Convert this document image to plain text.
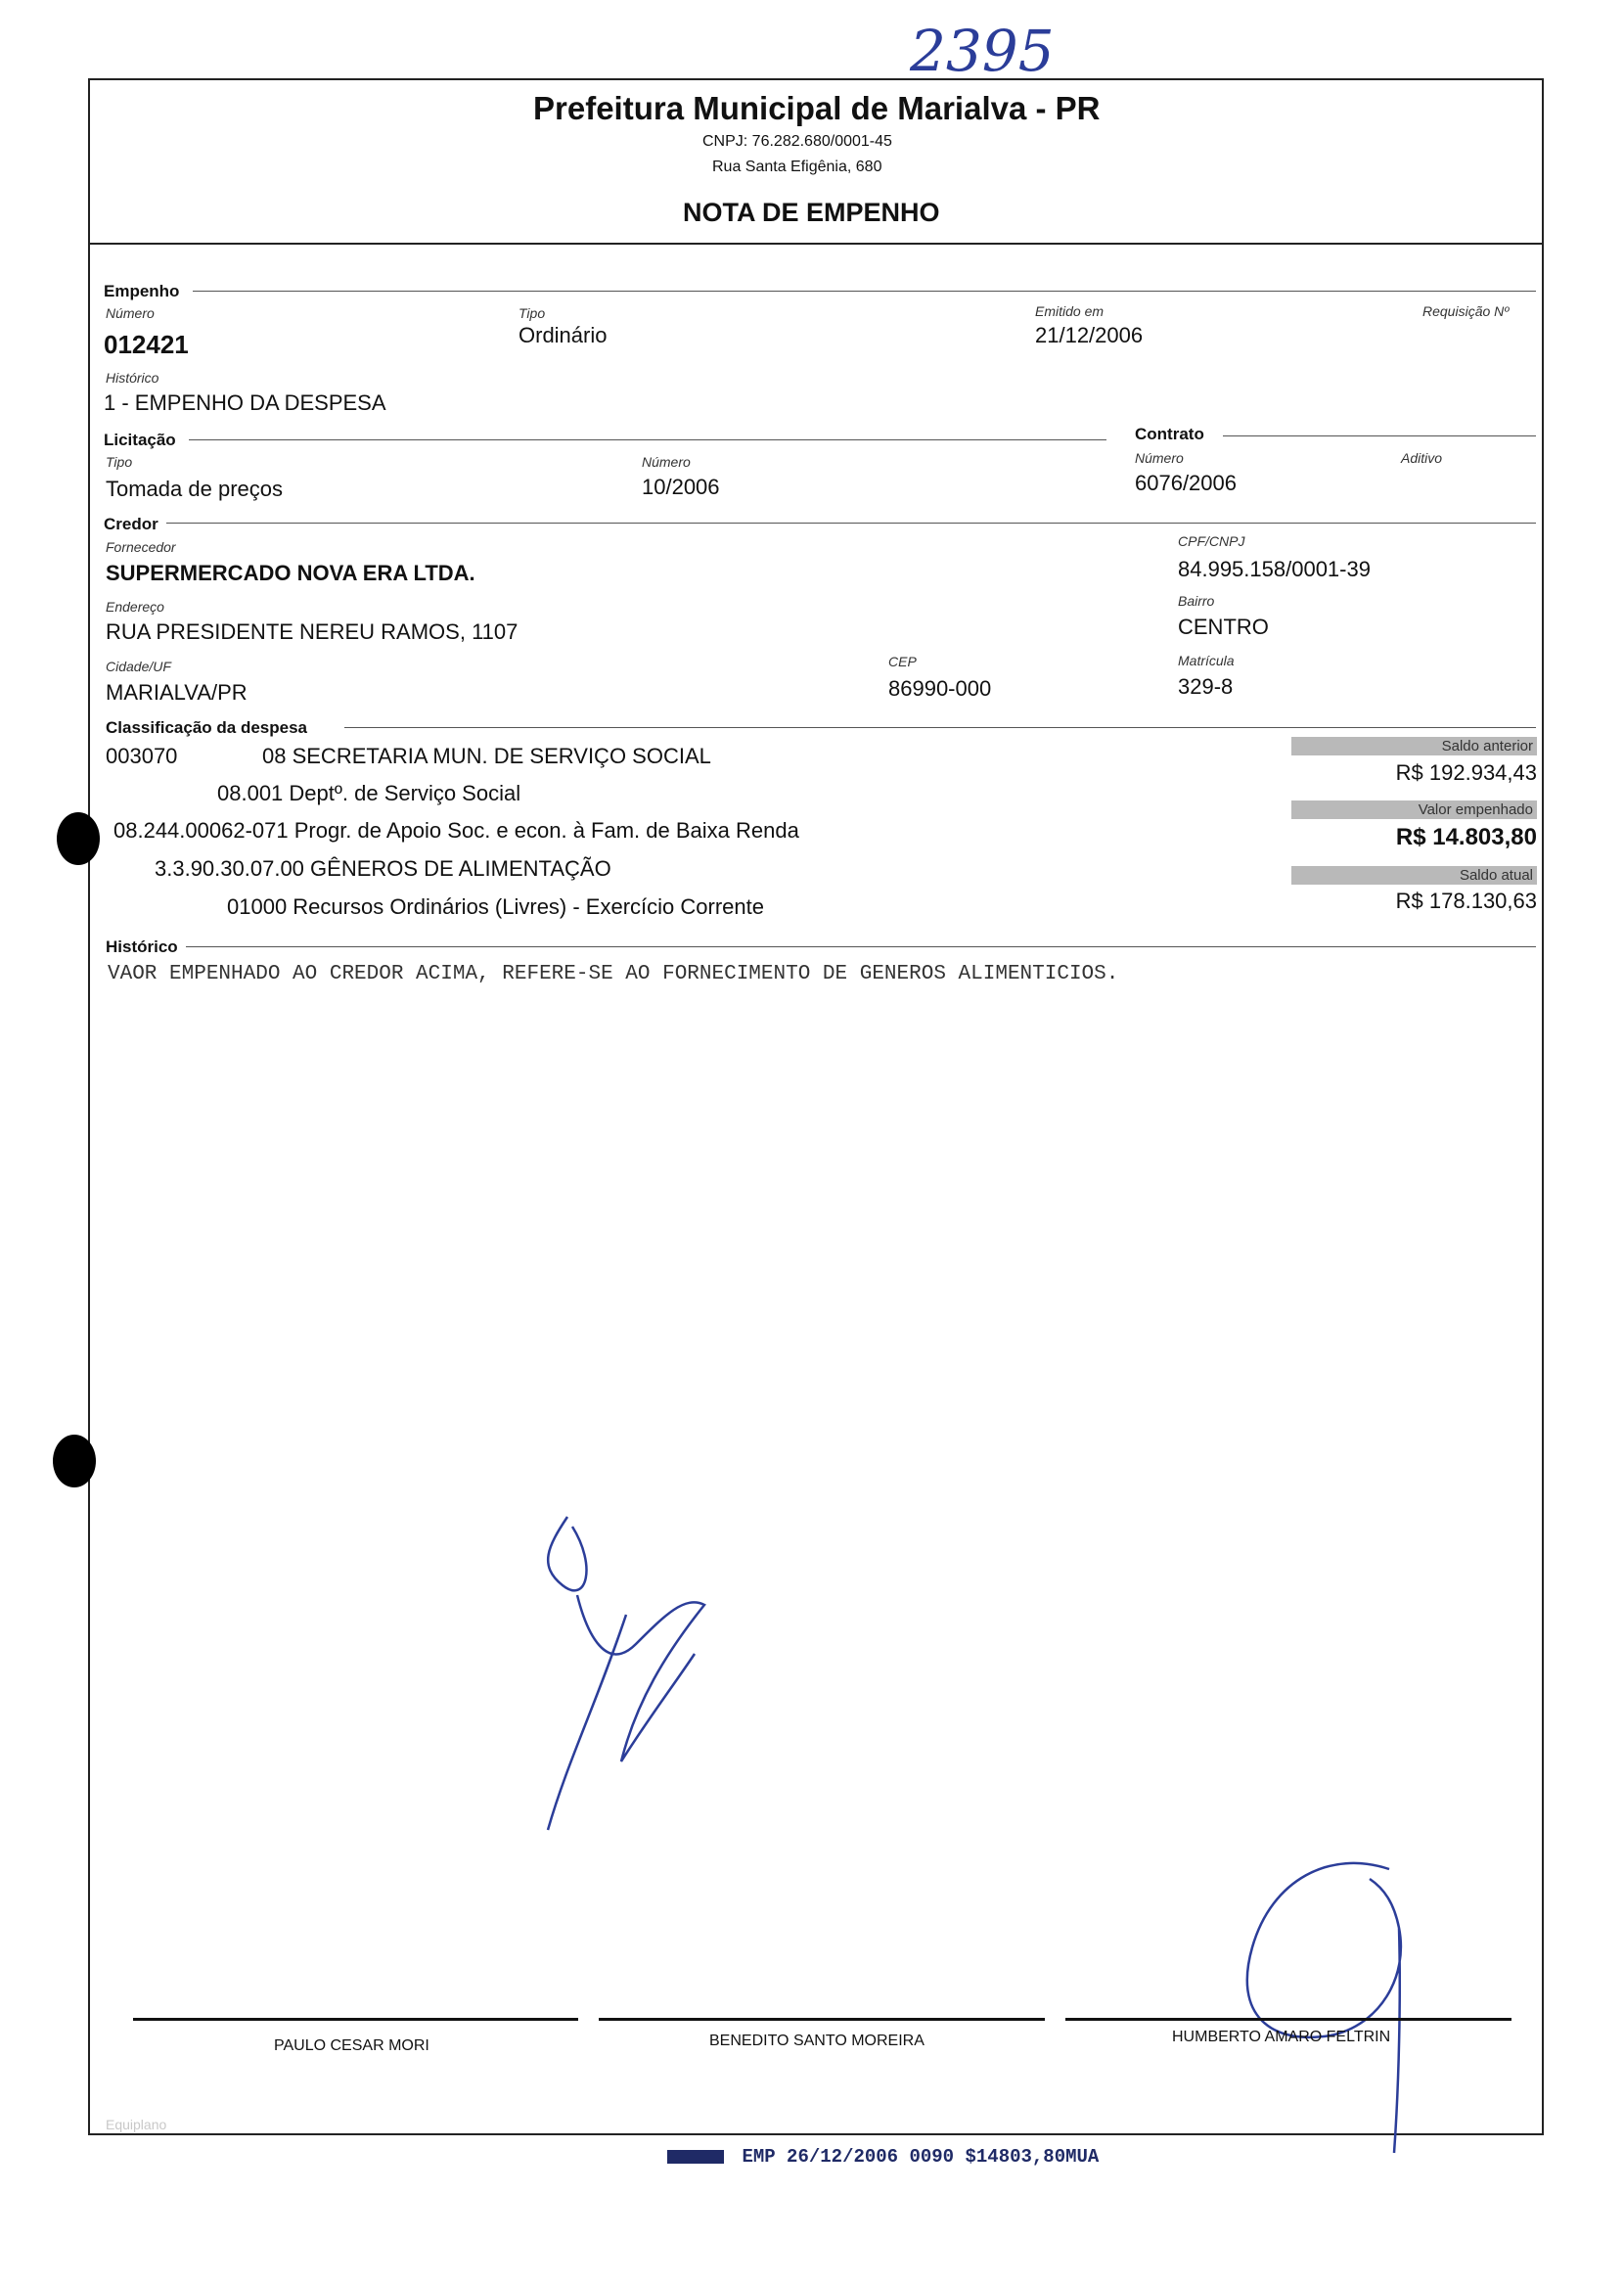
2395
Prefeitura Municipal de Marialva - PR
CNPJ: 76.282.680/0001-45
Rua Santa Efigênia, 680
NOTA DE EMPENHO
Empenho
Número
012421
Tipo
Ordinário
Emitido em
21/12/2006
Requisição Nº
Histórico
1 - EMPENHO DA DESPESA
Licitação	Contrato
Tipo
Tomada de preços
Número
10/2006
Número
6076/2006
Aditivo
Credor
Fornecedor
SUPERMERCADO NOVA ERA LTDA.
CPF/CNPJ
84.995.158/0001-39
Endereço
RUA PRESIDENTE NEREU RAMOS, 1107
Bairro
CENTRO
Cidade/UF
MARIALVA/PR
CEP
86990-000
Matrícula
329-8
Classificação da despesa
003070	08 SECRETARIA MUN. DE SERVIÇO SOCIAL
08.001 Deptº. de Serviço Social
08.244.00062-071 Progr. de Apoio Soc. e econ. à Fam. de Baixa Renda
3.3.90.30.07.00 GÊNEROS DE ALIMENTAÇÃO
01000 Recursos Ordinários (Livres) - Exercício Corrente
Saldo anterior
R$ 192.934,43
Valor empenhado
R$ 14.803,80
Saldo atual
R$ 178.130,63
Histórico
VAOR EMPENHADO AO CREDOR ACIMA, REFERE-SE AO FORNECIMENTO DE GENEROS ALIMENTICIOS.
PAULO CESAR MORI	BENEDITO SANTO MOREIRA	HUMBERTO AMARO FELTRIN
Equiplano
EMP 26/12/2006 0090 $14803,80MUA
